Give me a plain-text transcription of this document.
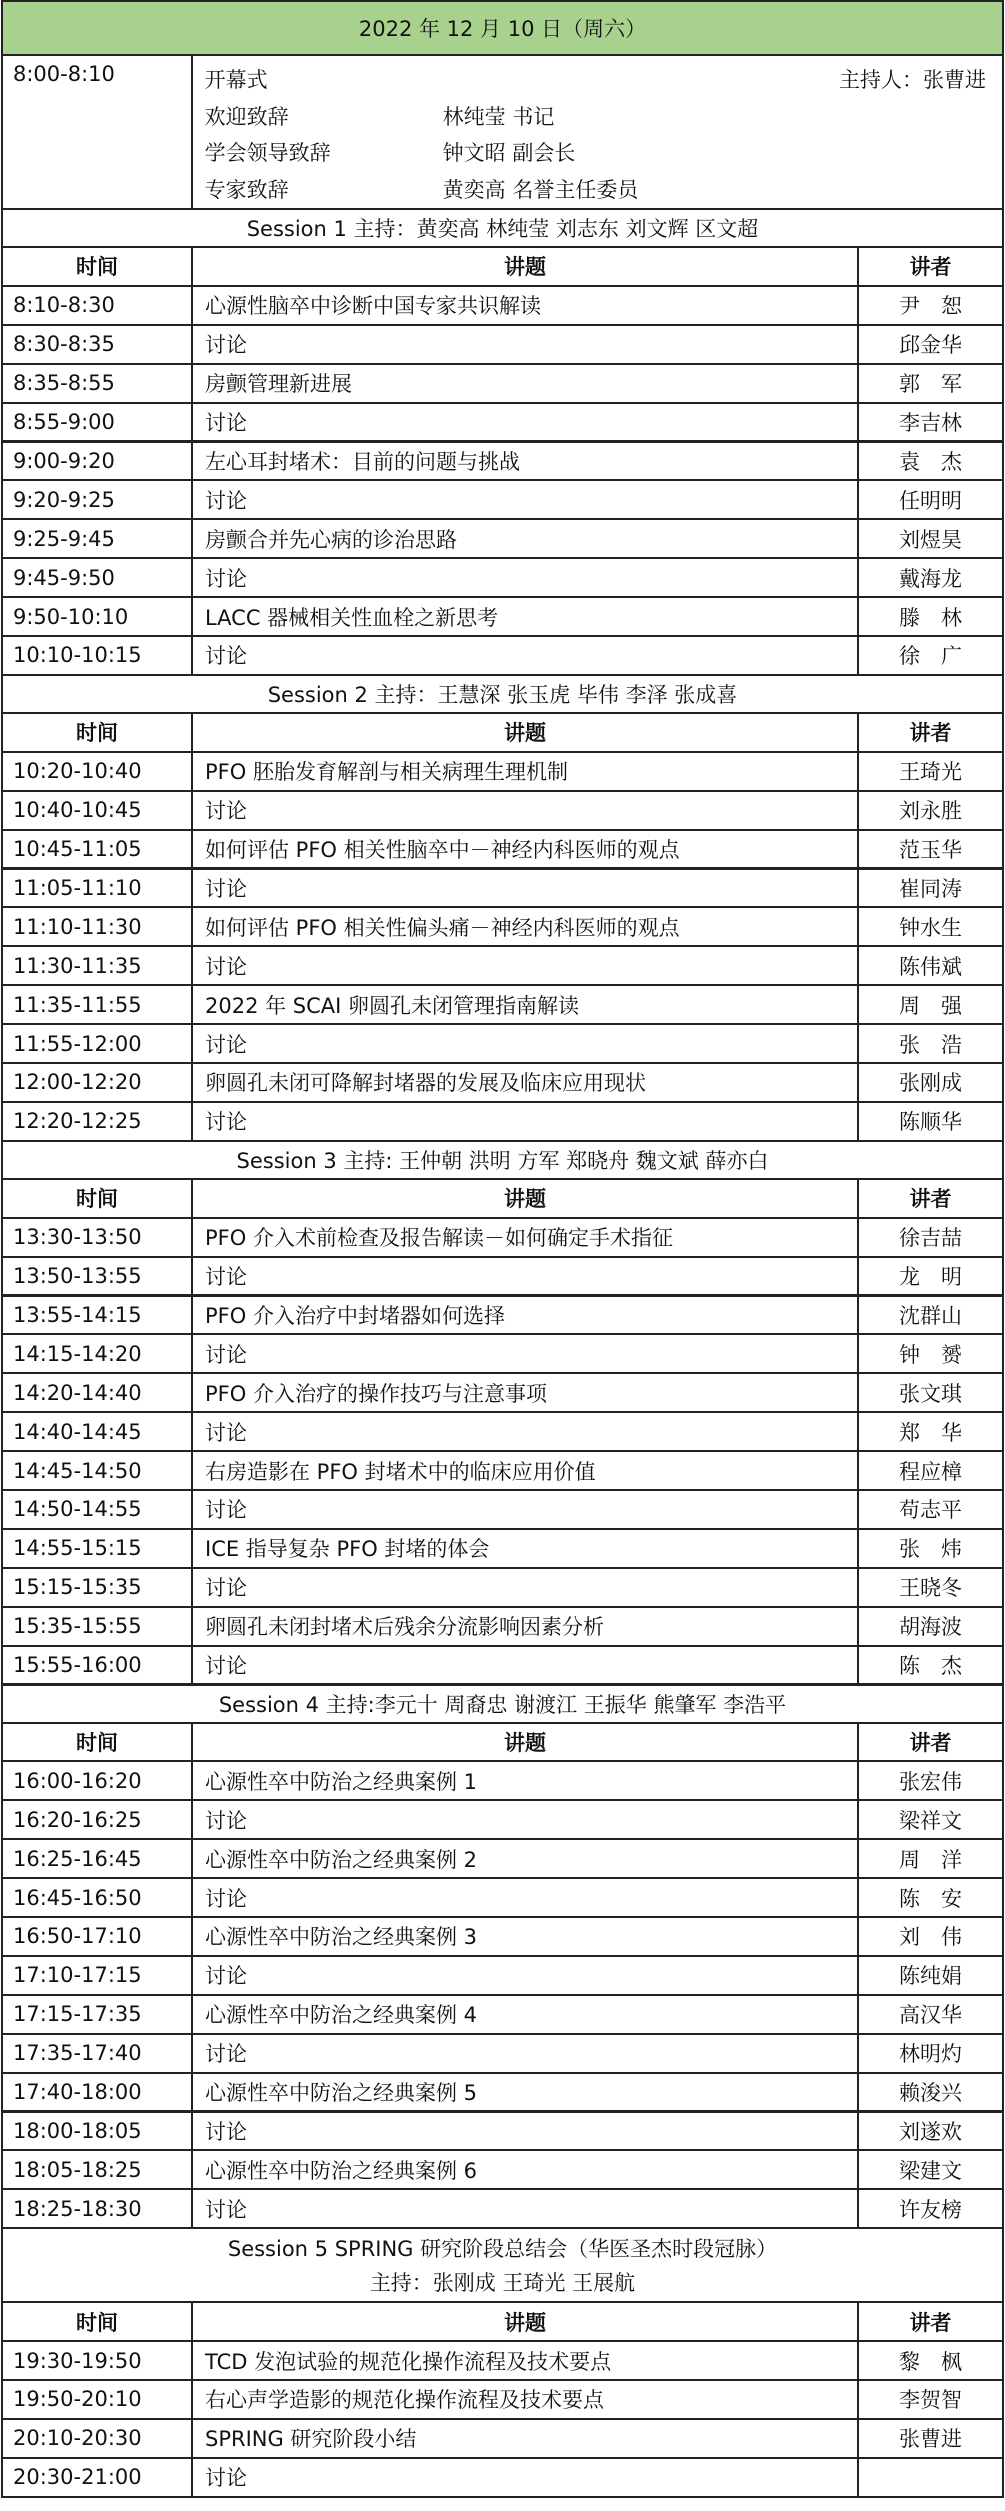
2022 年 12 月 10 日（周六）
8:00-8:10	开幕式	主持人：张曹进
欢迎致辞	林纯莹 书记
学会领导致辞	钟文昭 副会长
专家致辞	黄奕高 名誉主任委员
Session 1 主持：黄奕高 林纯莹 刘志东 刘文辉 区文超
时间	讲题	讲者
8:10-8:30	心源性脑卒中诊断中国专家共识解读	尹　恕
8:30-8:35	讨论	邱金华
8:35-8:55	房颤管理新进展	郭　军
8:55-9:00	讨论	李吉林
9:00-9:20	左心耳封堵术：目前的问题与挑战	袁　杰
9:20-9:25	讨论	任明明
9:25-9:45	房颤合并先心病的诊治思路	刘煜昊
9:45-9:50	讨论	戴海龙
9:50-10:10	LACC 器械相关性血栓之新思考	滕　林
10:10-10:15	讨论	徐　广
Session 2 主持：王慧深 张玉虎 毕伟 李泽 张成喜
时间	讲题	讲者
10:20-10:40	PFO 胚胎发育解剖与相关病理生理机制	王琦光
10:40-10:45	讨论	刘永胜
10:45-11:05	如何评估 PFO 相关性脑卒中－神经内科医师的观点	范玉华
11:05-11:10	讨论	崔同涛
11:10-11:30	如何评估 PFO 相关性偏头痛－神经内科医师的观点	钟水生
11:30-11:35	讨论	陈伟斌
11:35-11:55	2022 年 SCAI 卵圆孔未闭管理指南解读	周　强
11:55-12:00	讨论	张　浩
12:00-12:20	卵圆孔未闭可降解封堵器的发展及临床应用现状	张刚成
12:20-12:25	讨论	陈顺华
Session 3 主持: 王仲朝 洪明 方军 郑晓舟 魏文斌 薛亦白
时间	讲题	讲者
13:30-13:50	PFO 介入术前检查及报告解读－如何确定手术指征	徐吉喆
13:50-13:55	讨论	龙　明
13:55-14:15	PFO 介入治疗中封堵器如何选择	沈群山
14:15-14:20	讨论	钟　赟
14:20-14:40	PFO 介入治疗的操作技巧与注意事项	张文琪
14:40-14:45	讨论	郑　华
14:45-14:50	右房造影在 PFO 封堵术中的临床应用价值	程应樟
14:50-14:55	讨论	苟志平
14:55-15:15	ICE 指导复杂 PFO 封堵的体会	张　炜
15:15-15:35	讨论	王晓冬
15:35-15:55	卵圆孔未闭封堵术后残余分流影响因素分析	胡海波
15:55-16:00	讨论	陈　杰
Session 4 主持:李元十 周裔忠 谢渡江 王振华 熊肇军 李浩平
时间	讲题	讲者
16:00-16:20	心源性卒中防治之经典案例 1	张宏伟
16:20-16:25	讨论	梁祥文
16:25-16:45	心源性卒中防治之经典案例 2	周　洋
16:45-16:50	讨论	陈　安
16:50-17:10	心源性卒中防治之经典案例 3	刘　伟
17:10-17:15	讨论	陈纯娟
17:15-17:35	心源性卒中防治之经典案例 4	高汉华
17:35-17:40	讨论	林明灼
17:40-18:00	心源性卒中防治之经典案例 5	赖浚兴
18:00-18:05	讨论	刘遂欢
18:05-18:25	心源性卒中防治之经典案例 6	梁建文
18:25-18:30	讨论	许友榜
Session 5 SPRING 研究阶段总结会（华医圣杰时段冠脉）
主持：张刚成 王琦光 王展航
时间	讲题	讲者
19:30-19:50	TCD 发泡试验的规范化操作流程及技术要点	黎　枫
19:50-20:10	右心声学造影的规范化操作流程及技术要点	李贺智
20:10-20:30	SPRING 研究阶段小结	张曹进
20:30-21:00	讨论
